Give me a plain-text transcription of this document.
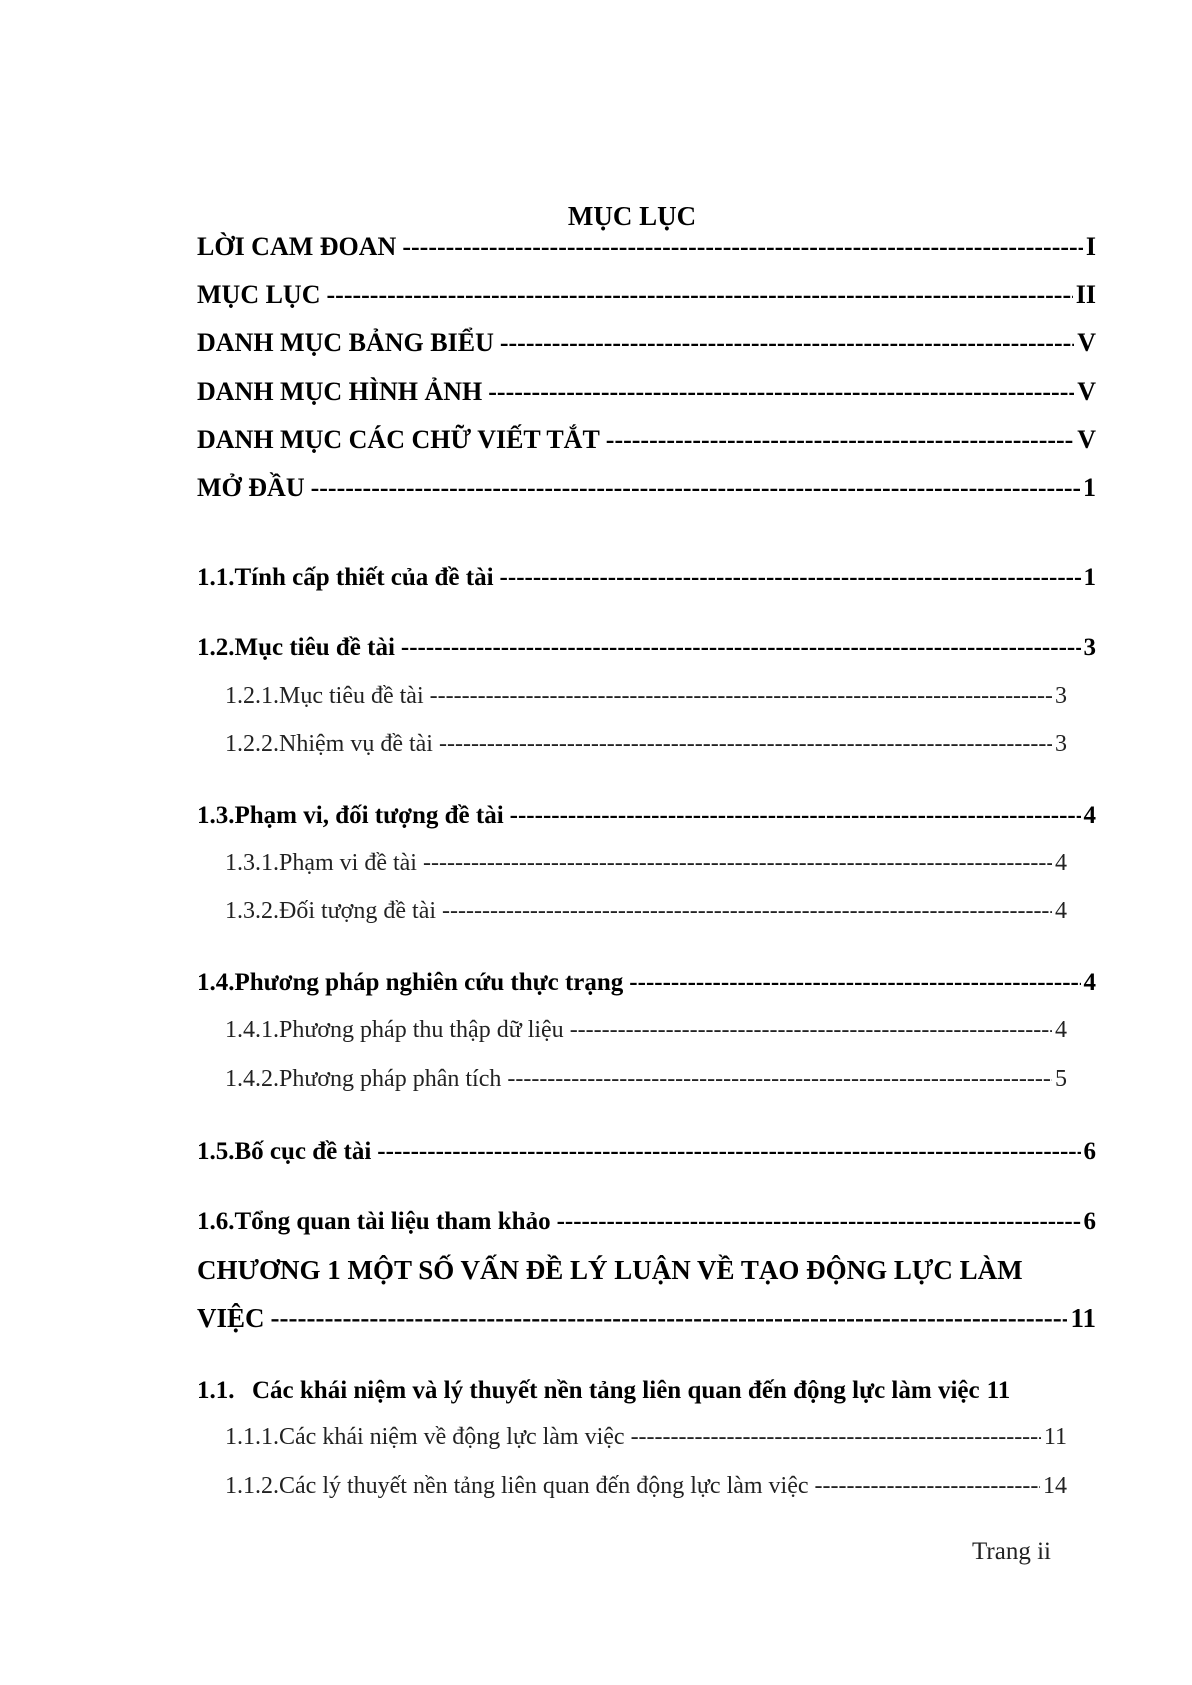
MỤC LỤC
LỜI CAM ĐOAN -----	I
MỤC LỤC -----	II
DANH MỤC BẢNG BIỂU -----	V
DANH MỤC HÌNH ẢNH -----	V
DANH MỤC CÁC CHỮ VIẾT TẮT -----	V
MỞ ĐẦU -----	1
1.1. Tính cấp thiết của đề tài -----	1
1.2. Mục tiêu đề tài -----	3
1.2.1. Mục tiêu đề tài -----	3
1.2.2. Nhiệm vụ đề tài -----	3
1.3. Phạm vi, đối tượng đề tài -----	4
1.3.1. Phạm vi đề tài -----	4
1.3.2. Đối tượng đề tài -----	4
1.4. Phương pháp nghiên cứu thực trạng -----	4
1.4.1. Phương pháp thu thập dữ liệu -----	4
1.4.2. Phương pháp phân tích -----	5
1.5. Bố cục đề tài -----	6
1.6. Tổng quan tài liệu tham khảo -----	6
CHƯƠNG 1 MỘT SỐ VẤN ĐỀ LÝ LUẬN VỀ TẠO ĐỘNG LỰC LÀM
VIỆC -----	11
1.1. Các khái niệm và lý thuyết nền tảng liên quan đến động lực làm việc 11
1.1.1. Các khái niệm về động lực làm việc -----	11
1.1.2. Các lý thuyết nền tảng liên quan đến động lực làm việc -----	14
Trang ii
